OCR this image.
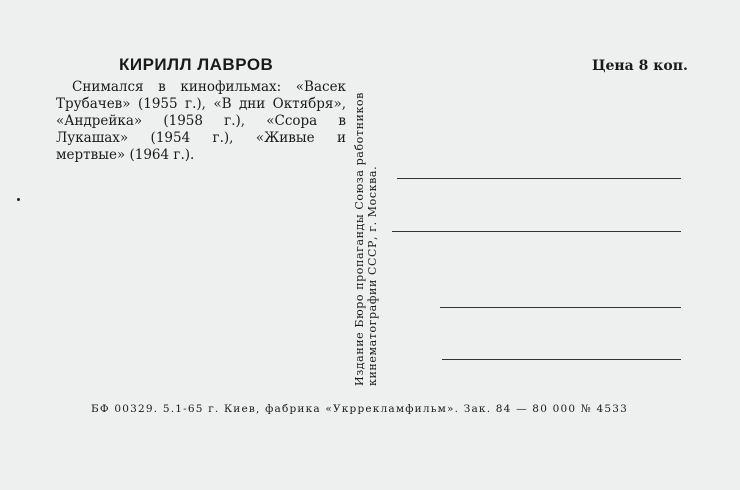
КИРИЛЛ ЛАВРОВ	Цена 8 коп.
Снимался в кинофильмах: «Васек Трубачев» (1955 г.), «В дни Октября», «Андрейка» (1958 г.), «Ссора в Лукашах» (1954 г.), «Живые и мертвые» (1964 г.).	Издание Бюро пропаганды Союза работников кинематографии СССР, г. Москва.
БФ 00329. 5.1-65 г. Киев, фабрика «Укррекламфильм». Зак. 84 — 80 000 № 4533
